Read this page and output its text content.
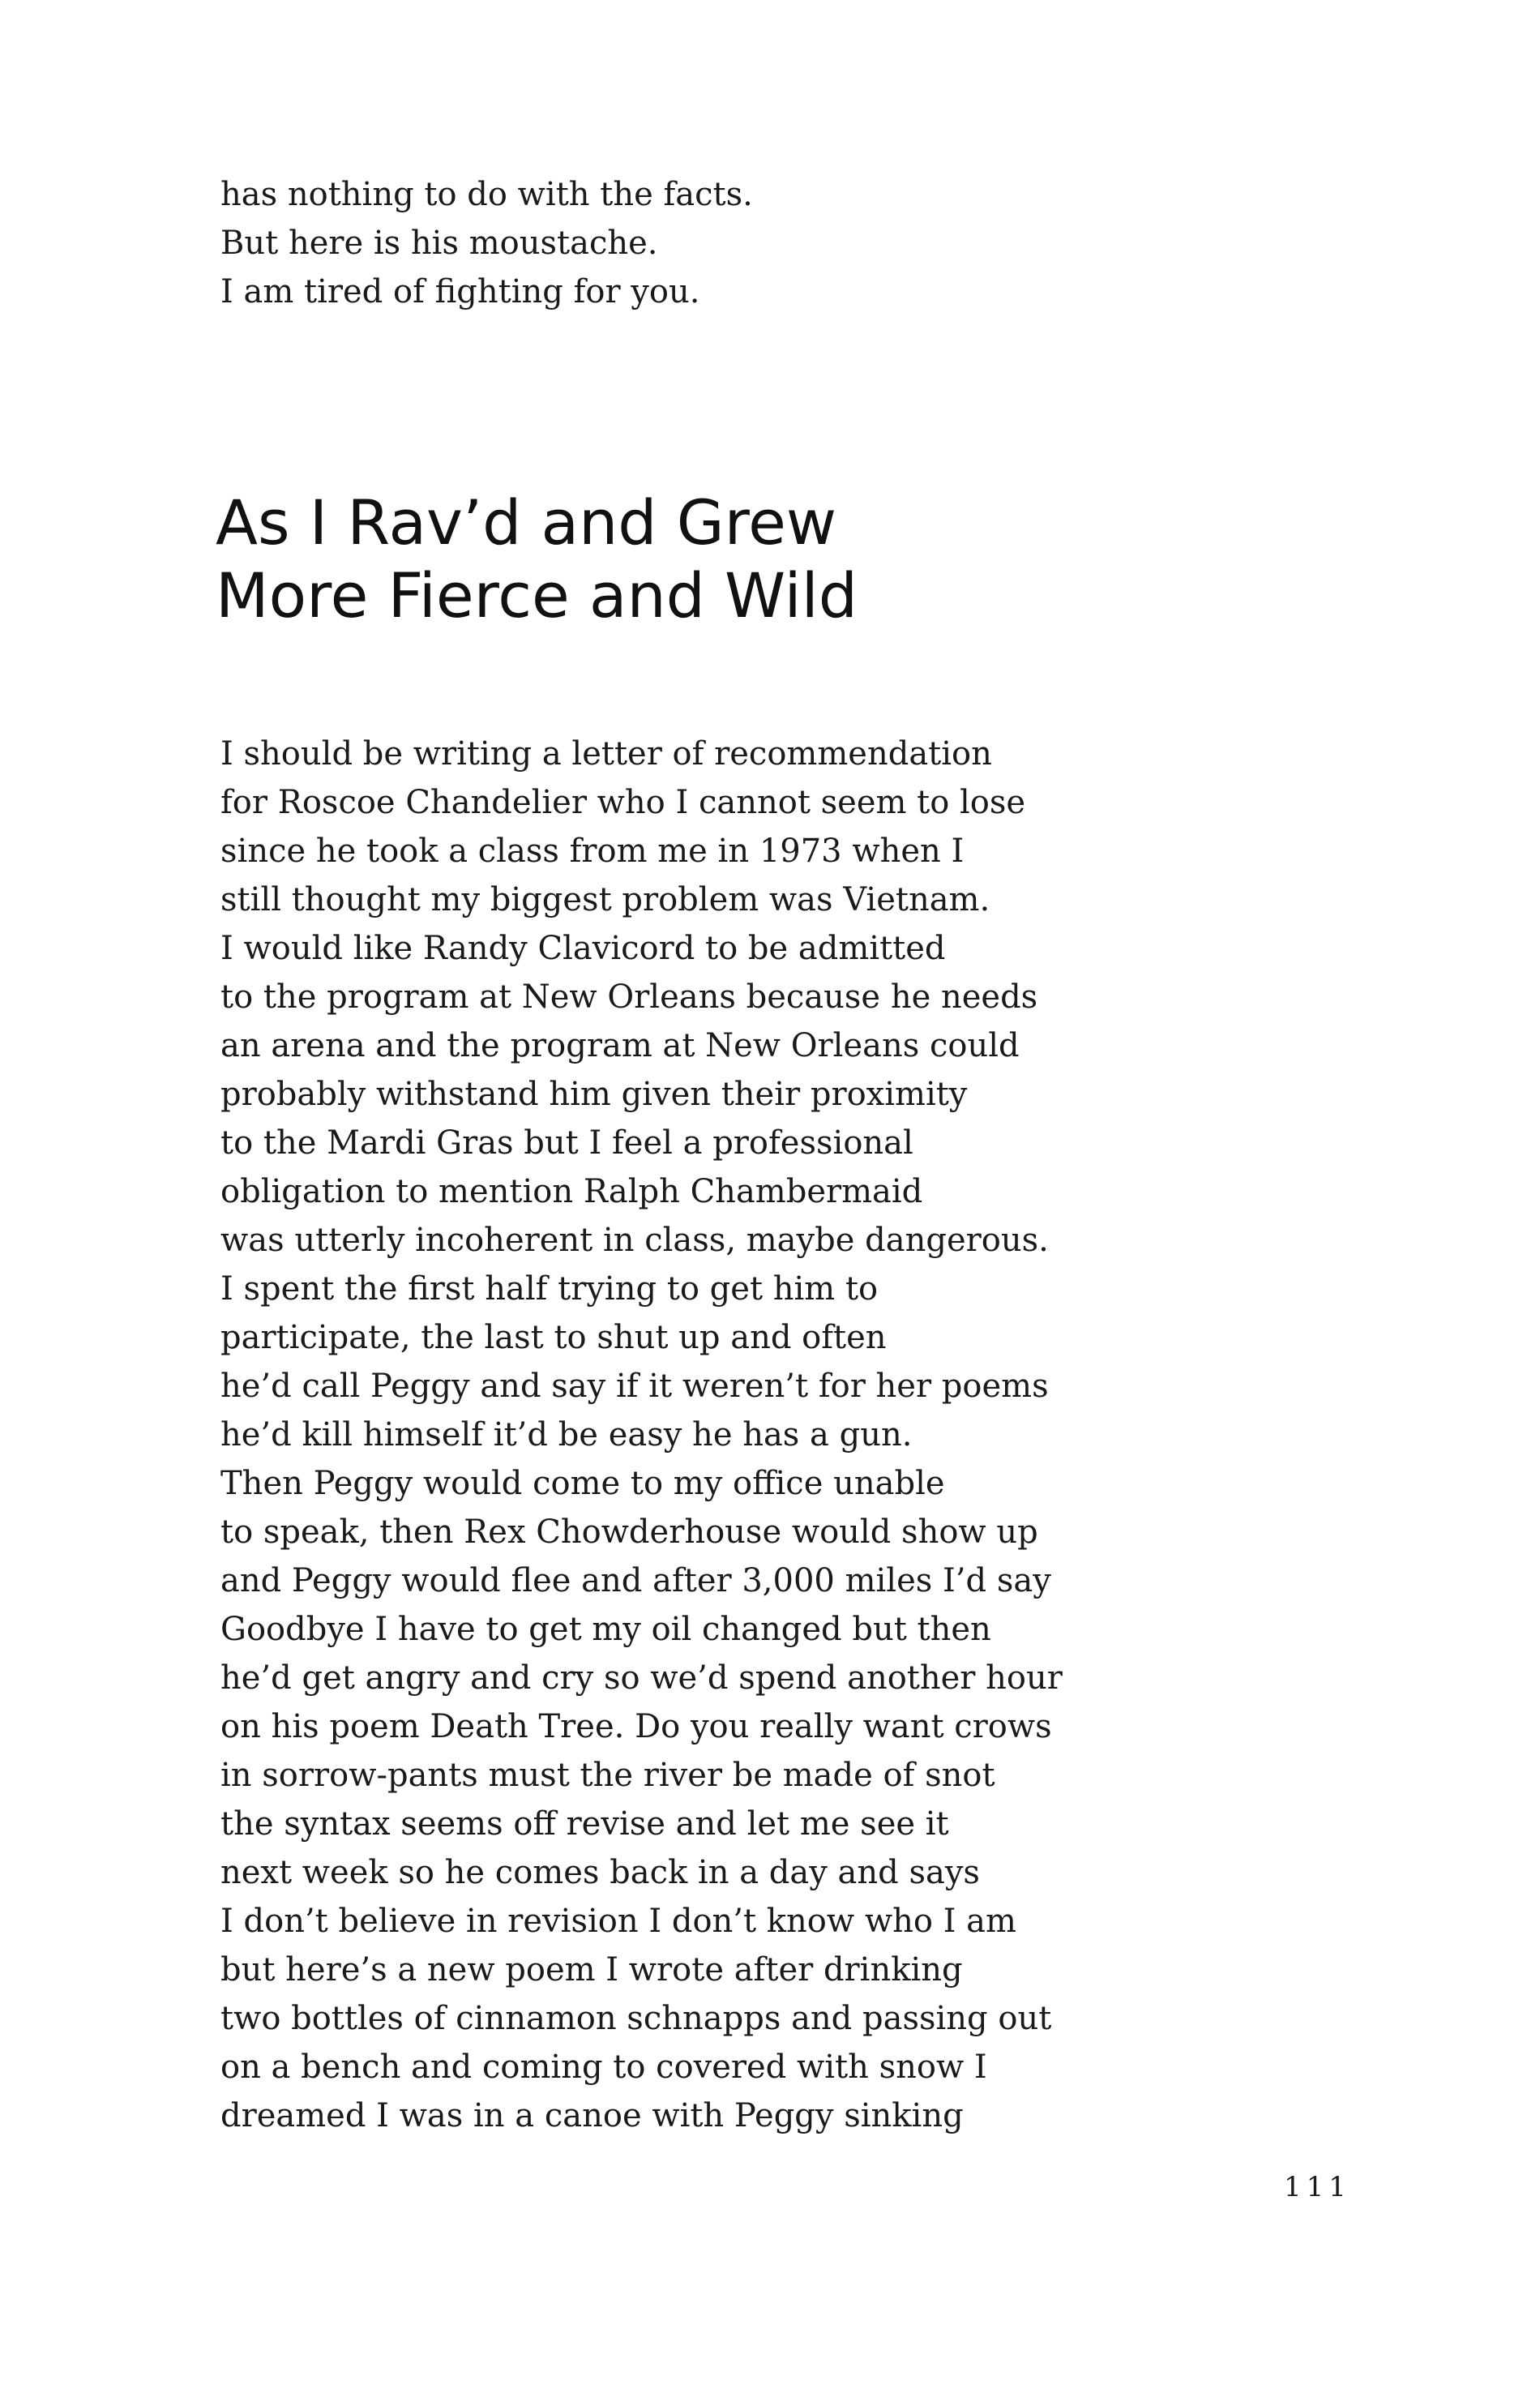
has nothing to do with the facts.
But here is his moustache.
I am tired of fighting for you.
As I Rav’d and Grew
More Fierce and Wild
I should be writing a letter of recommendation
for Roscoe Chandelier who I cannot seem to lose
since he took a class from me in 1973 when I
still thought my biggest problem was Vietnam.
I would like Randy Clavicord to be admitted
to the program at New Orleans because he needs
an arena and the program at New Orleans could
probably withstand him given their proximity
to the Mardi Gras but I feel a professional
obligation to mention Ralph Chambermaid
was utterly incoherent in class, maybe dangerous.
I spent the first half trying to get him to
participate, the last to shut up and often
he’d call Peggy and say if it weren’t for her poems
he’d kill himself it’d be easy he has a gun.
Then Peggy would come to my office unable
to speak, then Rex Chowderhouse would show up
and Peggy would flee and after 3,000 miles I’d say
Goodbye I have to get my oil changed but then
he’d get angry and cry so we’d spend another hour
on his poem Death Tree. Do you really want crows
in sorrow-pants must the river be made of snot
the syntax seems off revise and let me see it
next week so he comes back in a day and says
I don’t believe in revision I don’t know who I am
but here’s a new poem I wrote after drinking
two bottles of cinnamon schnapps and passing out
on a bench and coming to covered with snow I
dreamed I was in a canoe with Peggy sinking
111
